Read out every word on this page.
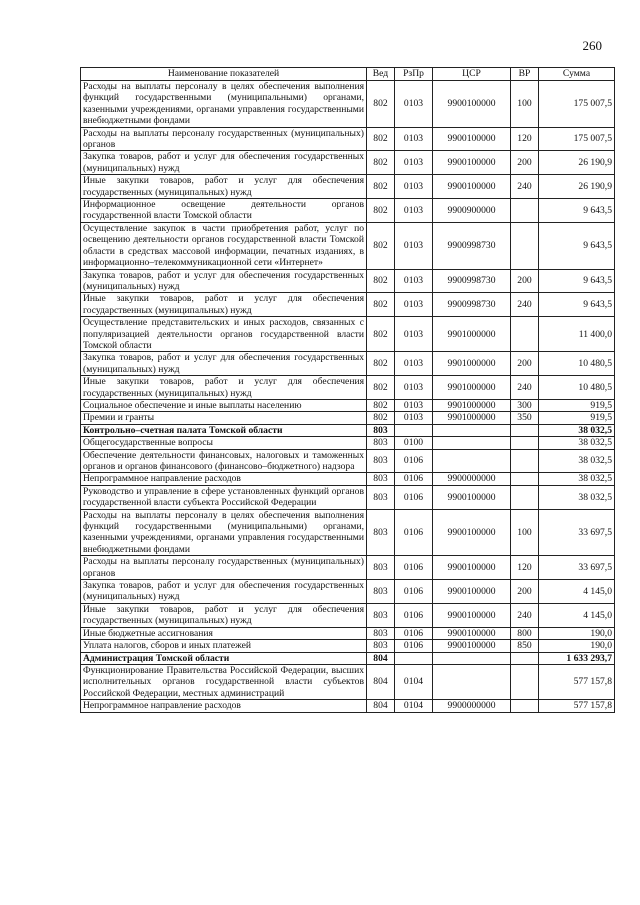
260
Наименование показателей	Вед	РзПр	ЦСР	ВР	Сумма
Расходы на выплаты персоналу в целях обеспечения выполнения функций государственными (муниципальными) органами, казенными учреждениями, органами управления государственными внебюджетными фондами	802	0103	9900100000	100	175 007,5
Расходы на выплаты персоналу государственных (муниципальных) органов	802	0103	9900100000	120	175 007,5
Закупка товаров, работ и услуг для обеспечения государственных (муниципальных) нужд	802	0103	9900100000	200	26 190,9
Иные закупки товаров, работ и услуг для обеспечения государственных (муниципальных) нужд	802	0103	9900100000	240	26 190,9
Информационное освещение деятельности органов государственной власти Томской области	802	0103	9900900000		9 643,5
Осуществление закупок в части приобретения работ, услуг по освещению деятельности органов государственной власти Томской области в средствах массовой информации, печатных изданиях, в информационно–телекоммуникационной сети «Интернет»	802	0103	9900998730		9 643,5
Закупка товаров, работ и услуг для обеспечения государственных (муниципальных) нужд	802	0103	9900998730	200	9 643,5
Иные закупки товаров, работ и услуг для обеспечения государственных (муниципальных) нужд	802	0103	9900998730	240	9 643,5
Осуществление представительских и иных расходов, связанных с популяризацией деятельности органов государственной власти Томской области	802	0103	9901000000		11 400,0
Закупка товаров, работ и услуг для обеспечения государственных (муниципальных) нужд	802	0103	9901000000	200	10 480,5
Иные закупки товаров, работ и услуг для обеспечения государственных (муниципальных) нужд	802	0103	9901000000	240	10 480,5
Социальное обеспечение и иные выплаты населению	802	0103	9901000000	300	919,5
Премии и гранты	802	0103	9901000000	350	919,5
Контрольно–счетная палата Томской области	803				38 032,5
Общегосударственные вопросы	803	0100			38 032,5
Обеспечение деятельности финансовых, налоговых и таможенных органов и органов финансового (финансово–бюджетного) надзора	803	0106			38 032,5
Непрограммное направление расходов	803	0106	9900000000		38 032,5
Руководство и управление в сфере установленных функций органов государственной власти субъекта Российской Федерации	803	0106	9900100000		38 032,5
Расходы на выплаты персоналу в целях обеспечения выполнения функций государственными (муниципальными) органами, казенными учреждениями, органами управления государственными внебюджетными фондами	803	0106	9900100000	100	33 697,5
Расходы на выплаты персоналу государственных (муниципальных) органов	803	0106	9900100000	120	33 697,5
Закупка товаров, работ и услуг для обеспечения государственных (муниципальных) нужд	803	0106	9900100000	200	4 145,0
Иные закупки товаров, работ и услуг для обеспечения государственных (муниципальных) нужд	803	0106	9900100000	240	4 145,0
Иные бюджетные ассигнования	803	0106	9900100000	800	190,0
Уплата налогов, сборов и иных платежей	803	0106	9900100000	850	190,0
Администрация Томской области	804				1 633 293,7
Функционирование Правительства Российской Федерации, высших исполнительных органов государственной власти субъектов Российской Федерации, местных администраций	804	0104			577 157,8
Непрограммное направление расходов	804	0104	9900000000		577 157,8
